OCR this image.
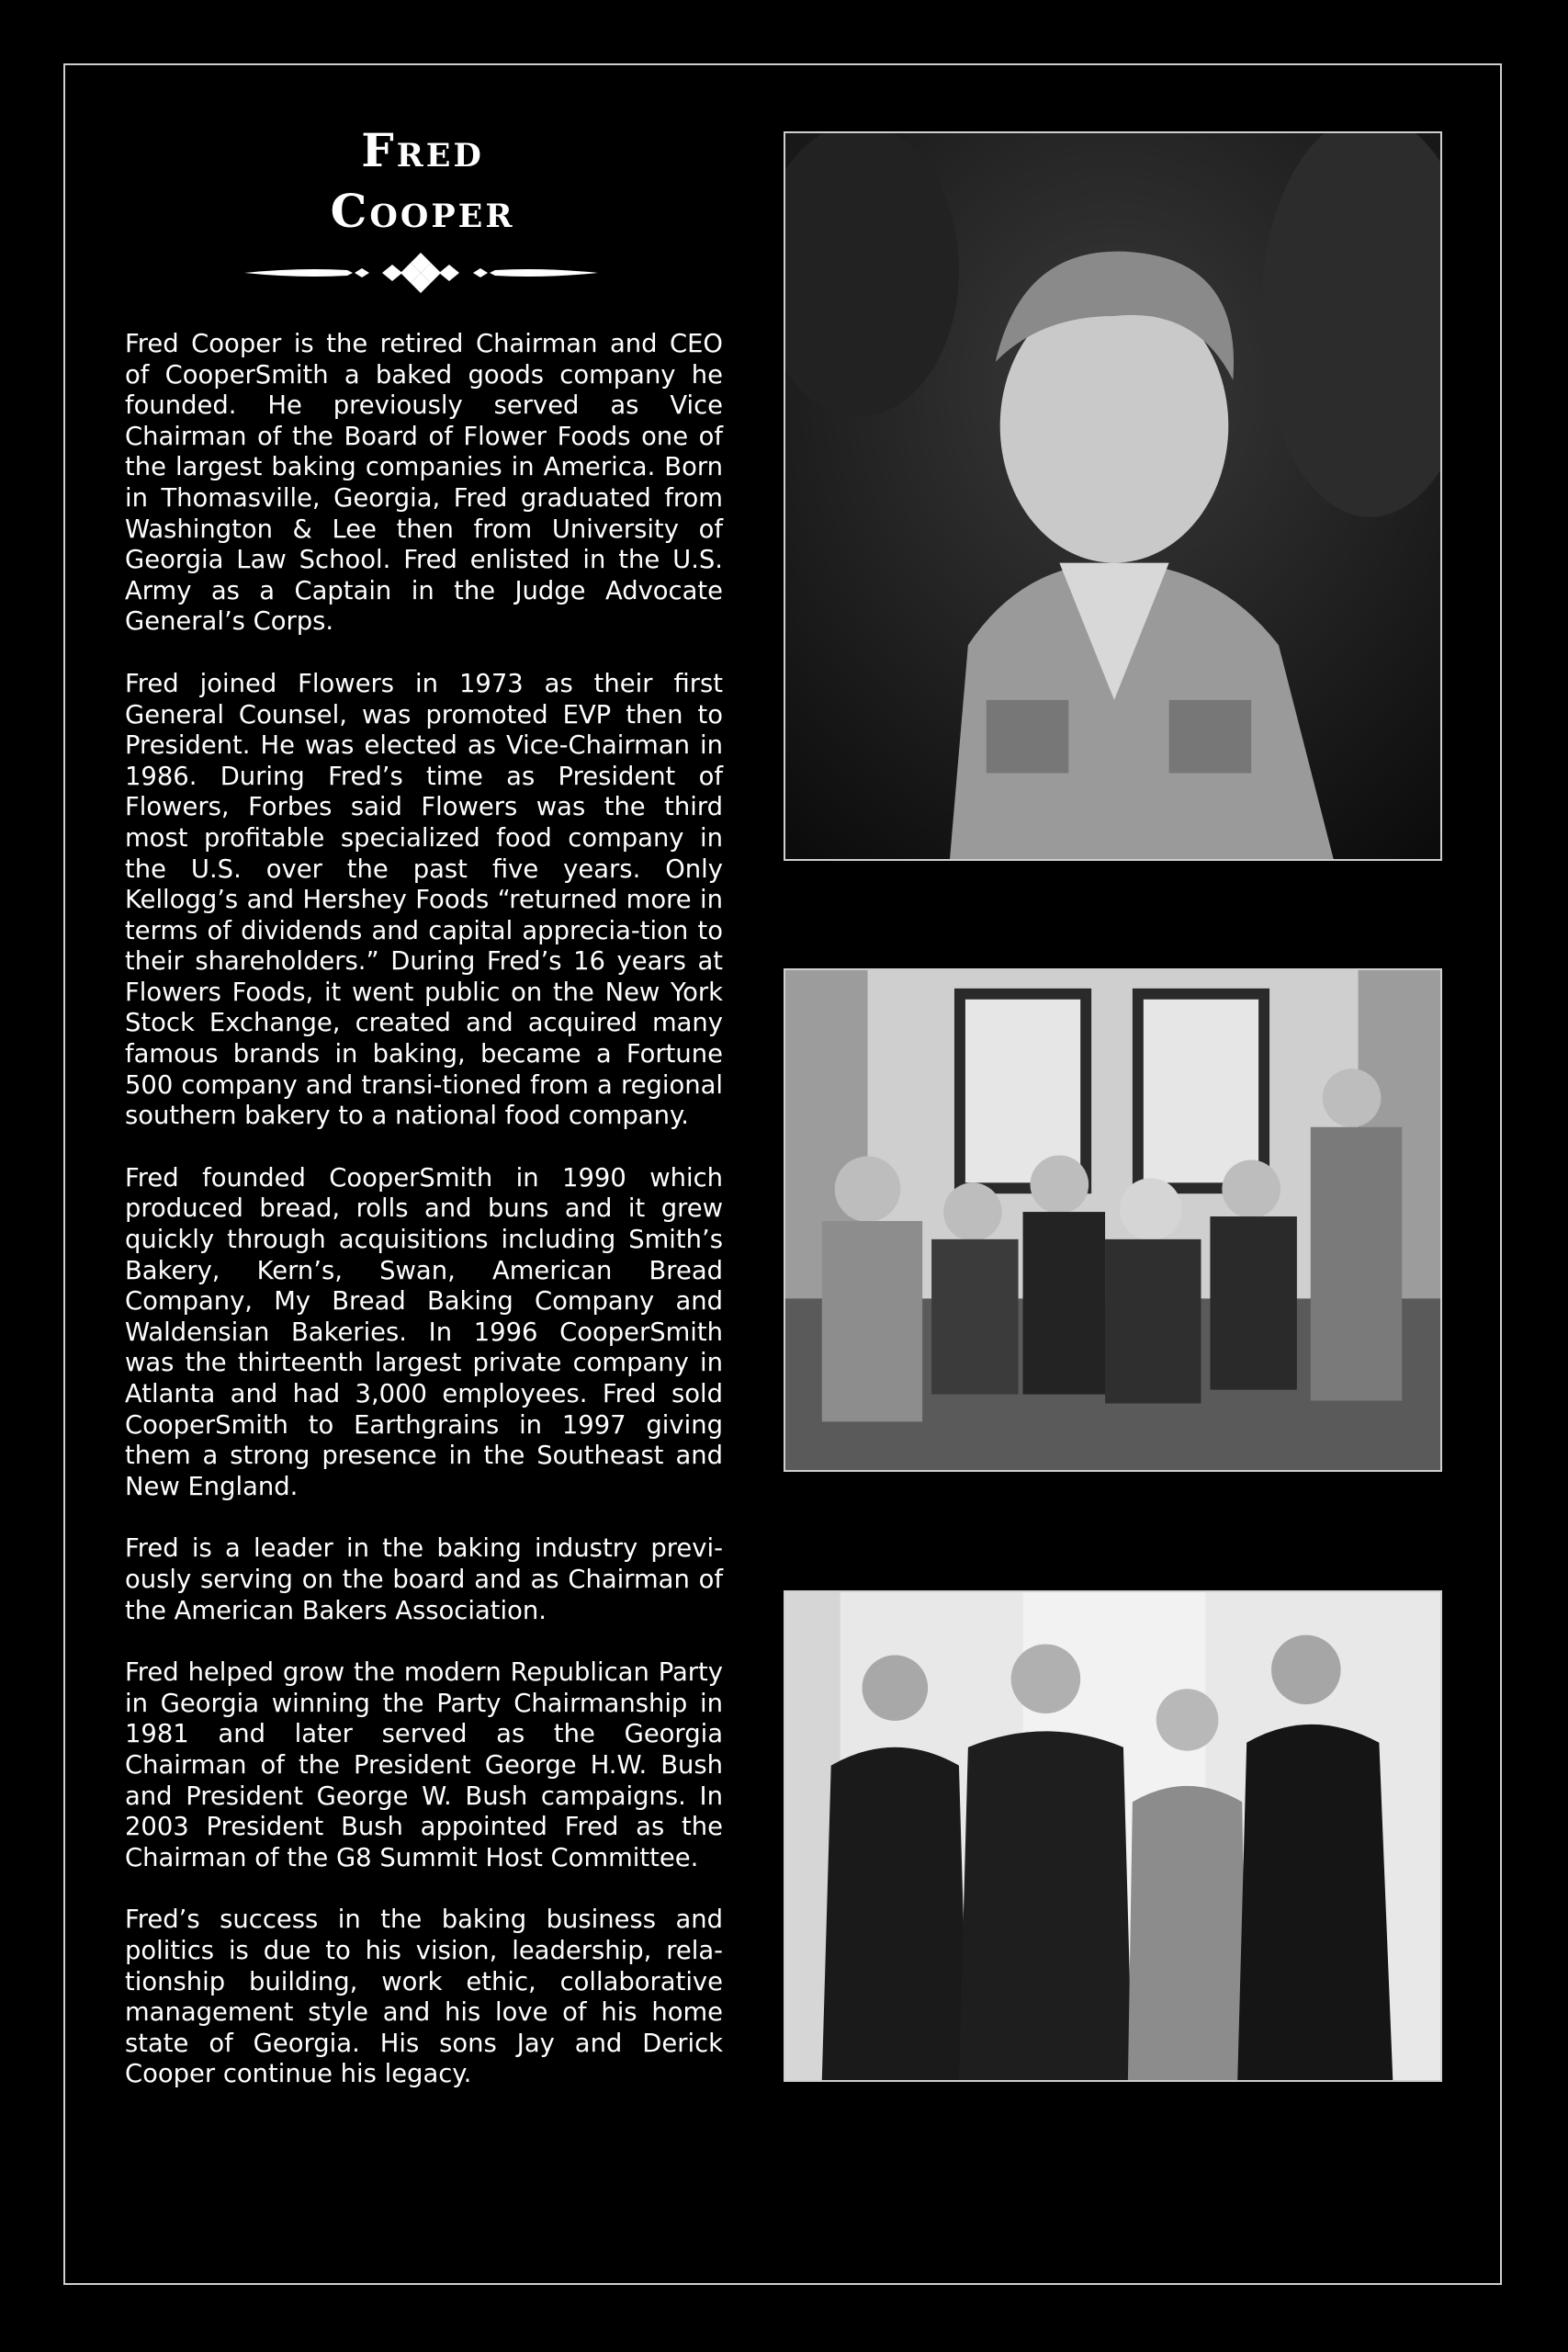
Fred
Cooper

Fred Cooper is the retired Chairman and CEO of CooperSmith a baked goods company he founded. He previously served as Vice Chairman of the Board of Flower Foods one of the largest baking companies in America. Born in Thomasville, Georgia, Fred graduated from Washington & Lee then from University of Georgia Law School. Fred enlisted in the U.S. Army as a Captain in the Judge Advocate General’s Corps.

Fred joined Flowers in 1973 as their first General Counsel, was promoted EVP then to President. He was elected as Vice-Chairman in 1986. During Fred’s time as President of Flowers, Forbes said Flowers was the third most profitable specialized food company in the U.S. over the past five years. Only Kellogg’s and Hershey Foods “returned more in terms of dividends and capital apprecia-tion to their shareholders.” During Fred’s 16 years at Flowers Foods, it went public on the New York Stock Exchange, created and acquired many famous brands in baking, became a Fortune 500 company and transi-tioned from a regional southern bakery to a national food company.

Fred founded CooperSmith in 1990 which produced bread, rolls and buns and it grew quickly through acquisitions including Smith’s Bakery, Kern’s, Swan, American Bread Company, My Bread Baking Company and Waldensian Bakeries. In 1996 CooperSmith was the thirteenth largest private company in Atlanta and had 3,000 employees. Fred sold CooperSmith to Earthgrains in 1997 giving them a strong presence in the Southeast and New England.

Fred is a leader in the baking industry previ-ously serving on the board and as Chairman of the American Bakers Association.

Fred helped grow the modern Republican Party in Georgia winning the Party Chairmanship in 1981 and later served as the Georgia Chairman of the President George H.W. Bush and President George W. Bush campaigns. In 2003 President Bush appointed Fred as the Chairman of the G8 Summit Host Committee.

Fred’s success in the baking business and politics is due to his vision, leadership, rela-tionship building, work ethic, collaborative management style and his love of his home state of Georgia. His sons Jay and Derick Cooper continue his legacy.
